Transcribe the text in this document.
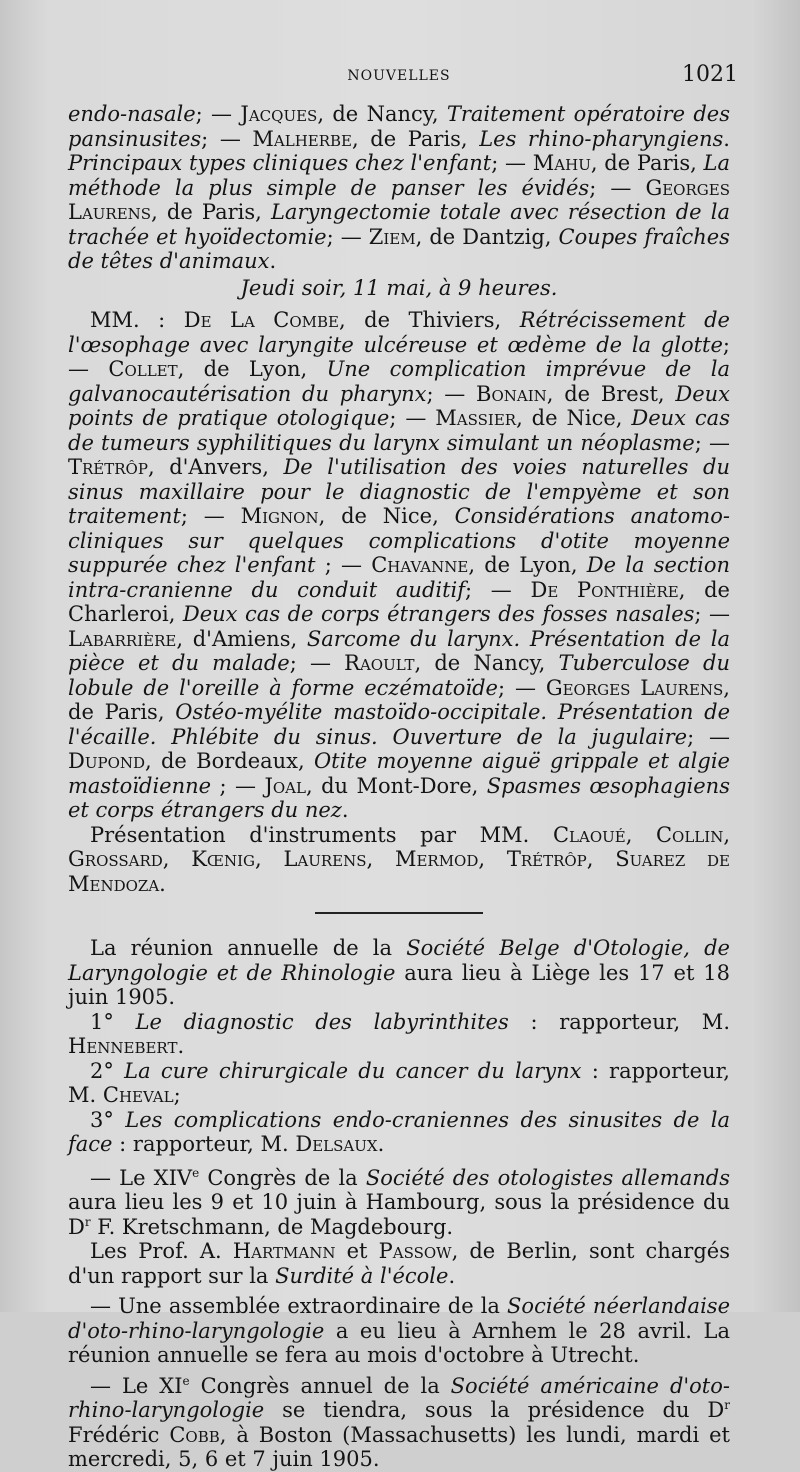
NOUVELLES	1021

endo-nasale; — Jacques, de Nancy, Traitement opératoire des pansinusites; — Malherbe, de Paris, Les rhino-pharyngiens. Principaux types cliniques chez l'enfant; — Mahu, de Paris, La méthode la plus simple de panser les évidés; — Georges Laurens, de Paris, Laryngectomie totale avec résection de la trachée et hyoïdectomie; — Ziem, de Dantzig, Coupes fraîches de têtes d'animaux.

Jeudi soir, 11 mai, à 9 heures.

MM. : De La Combe, de Thiviers, Rétrécissement de l'œsophage avec laryngite ulcéreuse et œdème de la glotte; — Collet, de Lyon, Une complication imprévue de la galvanocautérisation du pharynx; — Bonain, de Brest, Deux points de pratique otologique; — Massier, de Nice, Deux cas de tumeurs syphilitiques du larynx simulant un néoplasme; — Trétrôp, d'Anvers, De l'utilisation des voies naturelles du sinus maxillaire pour le diagnostic de l'empyème et son traitement; — Mignon, de Nice, Considérations anatomo-cliniques sur quelques complications d'otite moyenne suppurée chez l'enfant ; — Chavanne, de Lyon, De la section intra-cranienne du conduit auditif; — De Ponthière, de Charleroi, Deux cas de corps étrangers des fosses nasales; — Labarrière, d'Amiens, Sarcome du larynx. Présentation de la pièce et du malade; — Raoult, de Nancy, Tuberculose du lobule de l'oreille à forme eczématoïde; — Georges Laurens, de Paris, Ostéo-myélite mastoïdo-occipitale. Présentation de l'écaille. Phlébite du sinus. Ouverture de la jugulaire; — Dupond, de Bordeaux, Otite moyenne aiguë grippale et algie mastoïdienne ; — Joal, du Mont-Dore, Spasmes œsophagiens et corps étrangers du nez.

Présentation d'instruments par MM. Claoué, Collin, Grossard, Kœnig, Laurens, Mermod, Trétrôp, Suarez de Mendoza.

La réunion annuelle de la Société Belge d'Otologie, de Laryngologie et de Rhinologie aura lieu à Liège les 17 et 18 juin 1905.

1° Le diagnostic des labyrinthites : rapporteur, M. Hennebert.

2° La cure chirurgicale du cancer du larynx : rapporteur, M. Cheval;

3° Les complications endo-craniennes des sinusites de la face : rapporteur, M. Delsaux.

— Le XIVe Congrès de la Société des otologistes allemands aura lieu les 9 et 10 juin à Hambourg, sous la présidence du $D^r$ F. Kretschmann, de Magdebourg.

Les Prof. A. Hartmann et Passow, de Berlin, sont chargés d'un rapport sur la Surdité à l'école.

— Une assemblée extraordinaire de la Société néerlandaise d'oto-rhino-laryngologie a eu lieu à Arnhem le 28 avril. La réunion annuelle se fera au mois d'octobre à Utrecht.

— Le XIe Congrès annuel de la Société américaine d'oto-rhino-laryngologie se tiendra, sous la présidence du $D^r$ Frédéric Cobb, à Boston (Massachusetts) les lundi, mardi et mercredi, 5, 6 et 7 juin 1905.
